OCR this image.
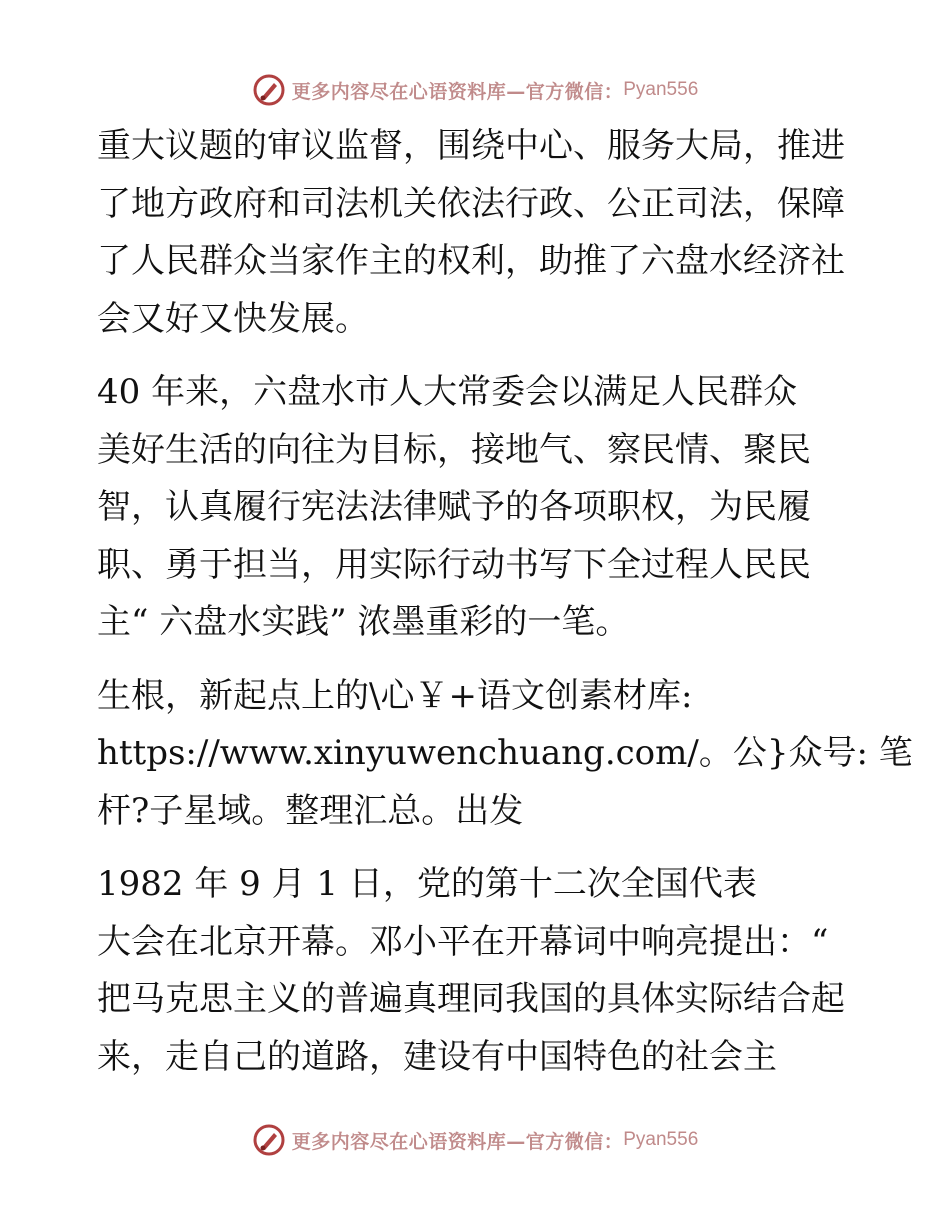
更多内容尽在心语资料库—官方微信： Pyan556
重大议题的审议监督，围绕中心、服务大局，推进
了地方政府和司法机关依法行政、公正司法，保障
了人民群众当家作主的权利，助推了六盘水经济社
会又好又快发展。
40 年来，六盘水市人大常委会以满足人民群众
美好生活的向往为目标，接地气、察民情、聚民
智，认真履行宪法法律赋予的各项职权，为民履
职、勇于担当，用实际行动书写下全过程人民民
主“ 六盘水实践” 浓墨重彩的一笔。
生根，新起点上的\心￥+语文创素材库:
https://www.xinyuwenchuang.com/。公}众号: 笔
杆?子星域。整理汇总。出发
1982 年 9 月 1 日，党的第十二次全国代表
大会在北京开幕。邓小平在开幕词中响亮提出：“
把马克思主义的普遍真理同我国的具体实际结合起
来，走自己的道路，建设有中国特色的社会主
更多内容尽在心语资料库—官方微信： Pyan556
